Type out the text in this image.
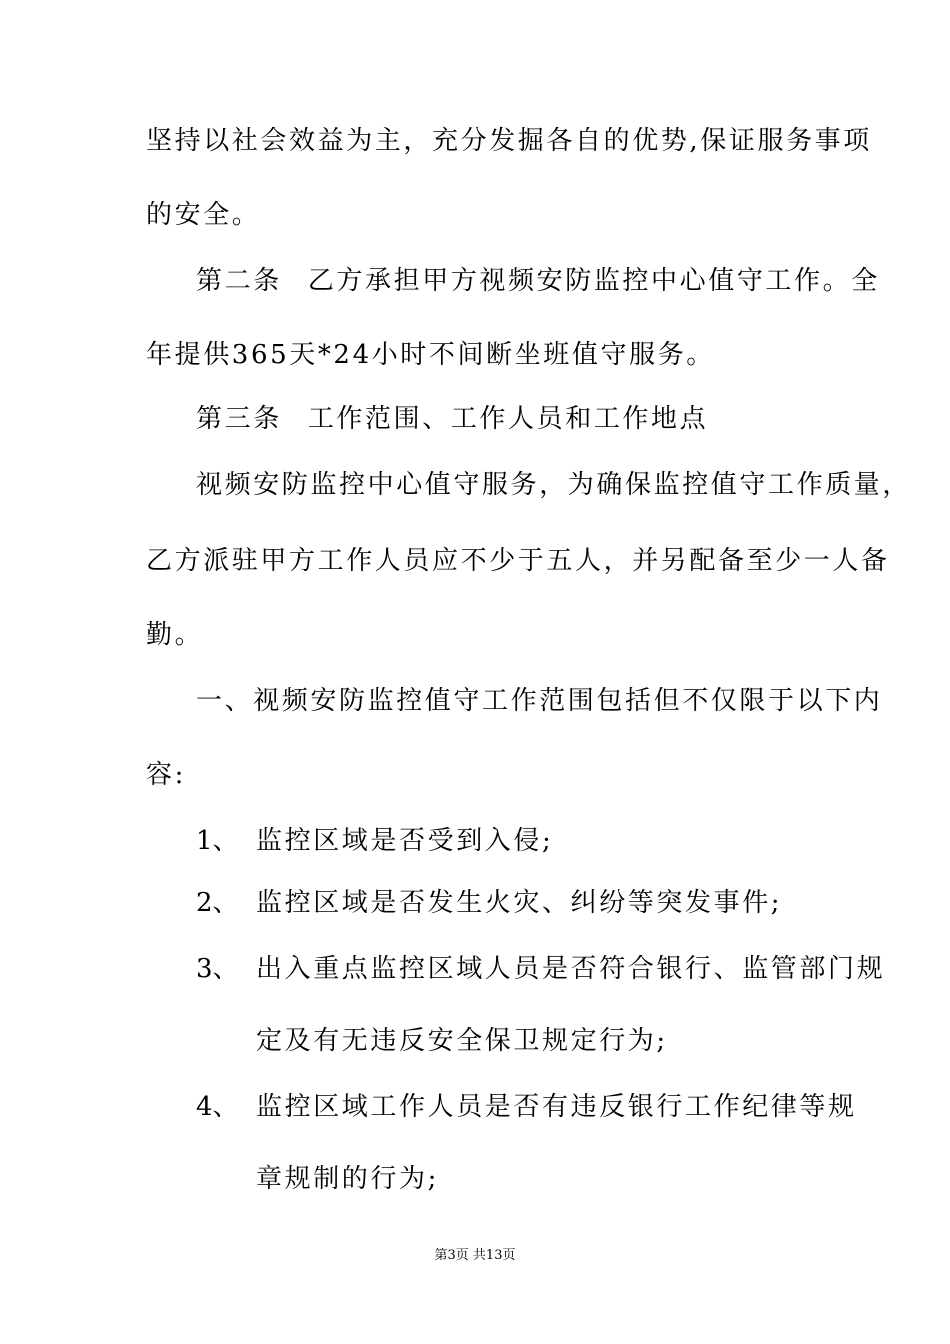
坚持以社会效益为主，充分发掘各自的优势,保证服务事项
的安全。
第二条 乙方承担甲方视频安防监控中心值守工作。全
年提供365天*24小时不间断坐班值守服务。
第三条 工作范围、工作人员和工作地点
视频安防监控中心值守服务，为确保监控值守工作质量，
乙方派驻甲方工作人员应不少于五人，并另配备至少一人备
勤。
一、视频安防监控值守工作范围包括但不仅限于以下内
容:
1、 监控区域是否受到入侵;
2、 监控区域是否发生火灾、纠纷等突发事件;
3、 出入重点监控区域人员是否符合银行、监管部门规
定及有无违反安全保卫规定行为;
4、 监控区域工作人员是否有违反银行工作纪律等规
章规制的行为;
第3页 共13页
